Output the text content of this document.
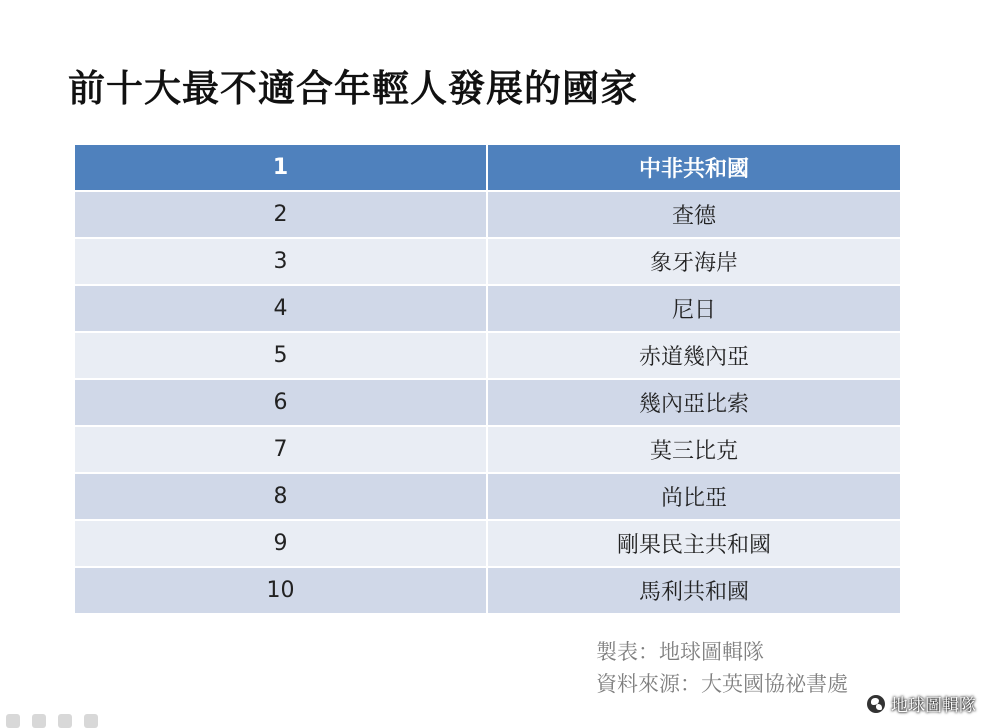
前十大最不適合年輕人發展的國家
1	中非共和國
2	查德
3	象牙海岸
4	尼日
5	赤道幾內亞
6	幾內亞比索
7	莫三比克
8	尚比亞
9	剛果民主共和國
10	馬利共和國
製表：地球圖輯隊
資料來源：大英國協祕書處
地球圖輯隊
